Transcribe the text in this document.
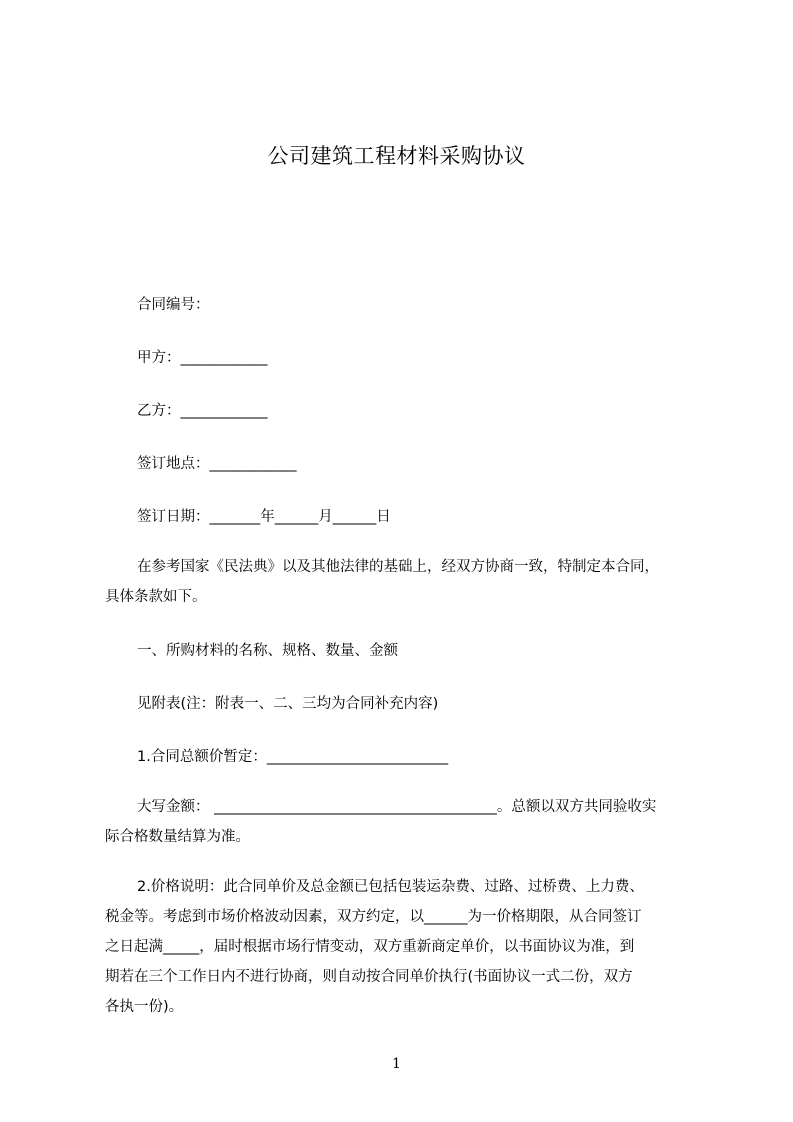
公司建筑工程材料采购协议
合同编号：
甲方：____________
乙方：____________
签订地点：____________
签订日期：_______年______月______日
在参考国家《民法典》以及其他法律的基础上，经双方协商一致，特制定本合同，
具体条款如下。
一、所购材料的名称、规格、数量、金额
见附表(注：附表一、二、三均为合同补充内容)
1.合同总额价暂定：_________________________
大写金额： _______________________________________。总额以双方共同验收实
际合格数量结算为准。
2.价格说明：此合同单价及总金额已包括包装运杂费、过路、过桥费、上力费、
税金等。考虑到市场价格波动因素，双方约定，以______为一价格期限，从合同签订
之日起满_____，届时根据市场行情变动，双方重新商定单价，以书面协议为准，到
期若在三个工作日内不进行协商，则自动按合同单价执行(书面协议一式二份，双方
各执一份)。
1
